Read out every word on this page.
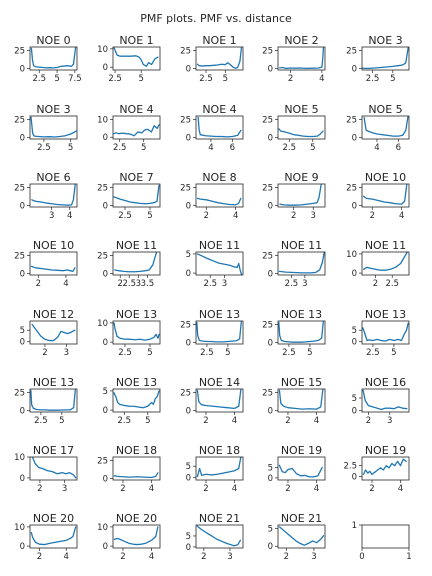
PMF plots. PMF vs. distance
NOE 0
2.5 5 7.5
0
25
NOE 1
2.5 5
0
10
NOE 1
2.5 5
0
25
NOE 2
2	4
0
25
NOE 3
2.5 5
0
25
NOE 3
2.5 5
0
25
NOE 4
2.5 5
0
10
NOE 4
4 6
0
25
NOE 5
2.5 5
0
25
NOE 5
4 6
0
25
NOE 6
3 4
0
25
NOE 7
2.5 5
0
25
NOE 8
2	4
0
25
NOE 9
2 3
0
25
NOE 10
2	4
0
25
NOE 10
2	4
0
25
NOE 11
2 2.5 3 3.5
0
25
NOE 11
2.5 3
0
5
NOE 11
2.5 3
0
25
NOE 11
2 2.5
0
10
NOE 12
2 3
0
5
NOE 13
2.5 5
0
10
NOE 13
2.5 5
0
25
NOE 13
2.5 5
0
25
NOE 13
2.5 5
0
5
NOE 13
2.5 5
0
25
NOE 13
2.5 5
0
5
NOE 14
2	4
0
25
NOE 15
2	4
0
25
NOE 16
2 3
0
5
NOE 17
2 3
0
10
NOE 18
2	4
0
25
NOE 18
2	4
0
5
NOE 19
2	4
0
5
NOE 19
2	4
0
2.5
NOE 20
2	4
0
10
NOE 20
2	4
0
10
NOE 21
2 3
0
5
NOE 21
2	3
0
5
0	1
1
